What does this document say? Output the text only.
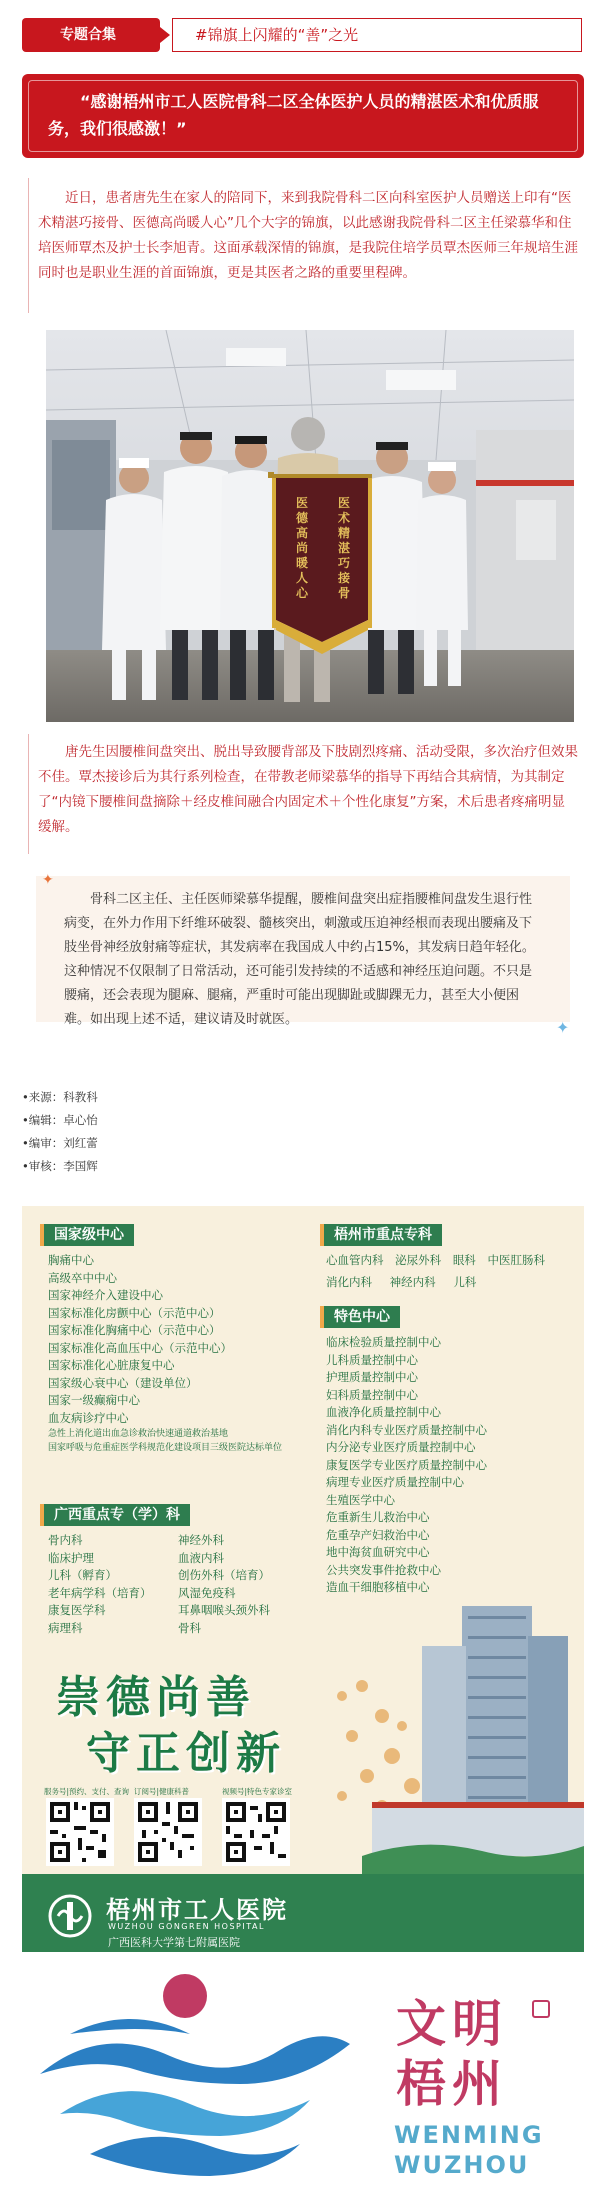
专题合集	#锦旗上闪耀的“善”之光
“感谢梧州市工人医院骨科二区全体医护人员的精湛医术和优质服务，我们很感激！”
近日，患者唐先生在家人的陪同下，来到我院骨科二区向科室医护人员赠送上印有“医术精湛巧接骨、医德高尚暖人心”几个大字的锦旗，以此感谢我院骨科二区主任梁慕华和住培医师覃杰及护士长李旭青。这面承载深情的锦旗，是我院住培学员覃杰医师三年规培生涯同时也是职业生涯的首面锦旗，更是其医者之路的重要里程碑。
医术精湛巧接骨
医德高尚暖人心
唐先生因腰椎间盘突出、脱出导致腰背部及下肢剧烈疼痛、活动受限，多次治疗但效果不佳。覃杰接诊后为其行系列检查，在带教老师梁慕华的指导下再结合其病情，为其制定了“内镜下腰椎间盘摘除＋经皮椎间融合内固定术＋个性化康复”方案，术后患者疼痛明显缓解。
骨科二区主任、主任医师梁慕华提醒，腰椎间盘突出症指腰椎间盘发生退行性病变，在外力作用下纤维环破裂、髓核突出，刺激或压迫神经根而表现出腰痛及下肢坐骨神经放射痛等症状，其发病率在我国成人中约占15%，其发病日趋年轻化。这种情况不仅限制了日常活动，还可能引发持续的不适感和神经压迫问题。不只是腰痛，还会表现为腿麻、腿痛，严重时可能出现脚趾或脚踝无力，甚至大小便困难。如出现上述不适，建议请及时就医。
✦
✦
•来源：科教科
•编辑：卓心怡
•编审：刘红蕾
•审核：李国辉
国家级中心
胸痛中心
高级卒中中心
国家神经介入建设中心
国家标准化房颤中心（示范中心）
国家标准化胸痛中心（示范中心）
国家标准化高血压中心（示范中心）
国家标准化心脏康复中心
国家级心衰中心（建设单位）
国家一级癫痫中心
血友病诊疗中心
急性上消化道出血急诊救治快速通道救治基地
国家呼吸与危重症医学科规范化建设项目三级医院达标单位
广西重点专（学）科
骨内科
临床护理
儿科（孵育）
老年病学科（培育）
康复医学科
病理科
神经外科
血液内科
创伤外科（培育）
风湿免疫科
耳鼻咽喉头颈外科
骨科
梧州市重点专科
心血管内科 泌尿外科 眼科 中医肛肠科
消化内科 神经内科 儿科
特色中心
临床检验质量控制中心
儿科质量控制中心
护理质量控制中心
妇科质量控制中心
血液净化质量控制中心
消化内科专业医疗质量控制中心
内分泌专业医疗质量控制中心
康复医学专业医疗质量控制中心
病理专业医疗质量控制中心
生殖医学中心
危重新生儿救治中心
危重孕产妇救治中心
地中海贫血研究中心
公共突发事件抢救中心
造血干细胞移植中心
崇德尚善
守正创新
服务号|预约、支付、查询 订阅号|健康科普	视频号|特色专家诊室
梧州市工人医院
WUZHOU GONGREN HOSPITAL
广西医科大学第七附属医院
文明梧州
WENMING
WUZHOU
